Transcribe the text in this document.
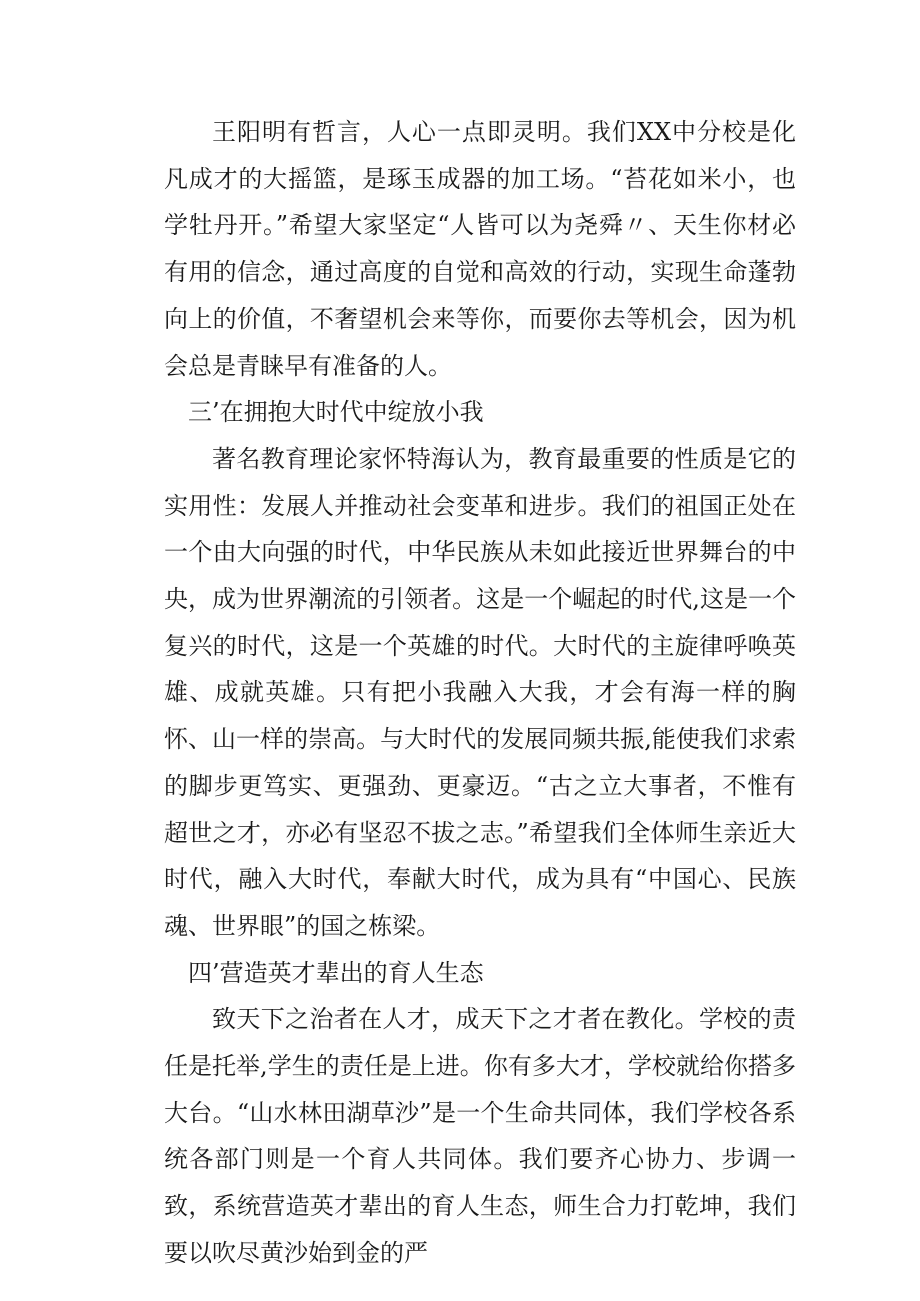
王阳明有哲言，人心一点即灵明。我们XX中分校是化凡成才的大摇篮，是琢玉成器的加工场。“苔花如米小，也学牡丹开。”希望大家坚定“人皆可以为尧舜〃、天生你材必有用的信念，通过高度的自觉和高效的行动，实现生命蓬勃向上的价值，不奢望机会来等你，而要你去等机会，因为机会总是青睐早有准备的人。

三’在拥抱大时代中绽放小我

著名教育理论家怀特海认为，教育最重要的性质是它的实用性：发展人并推动社会变革和进步。我们的祖国正处在一个由大向强的时代，中华民族从未如此接近世界舞台的中央，成为世界潮流的引领者。这是一个崛起的时代,这是一个复兴的时代，这是一个英雄的时代。大时代的主旋律呼唤英雄、成就英雄。只有把小我融入大我，才会有海一样的胸怀、山一样的崇高。与大时代的发展同频共振,能使我们求索的脚步更笃实、更强劲、更豪迈。“古之立大事者，不惟有超世之才，亦必有坚忍不拔之志。”希望我们全体师生亲近大时代，融入大时代，奉献大时代，成为具有“中国心、民族魂、世界眼”的国之栋梁。

四’营造英才辈出的育人生态

致天下之治者在人才，成天下之才者在教化。学校的责任是托举,学生的责任是上进。你有多大才，学校就给你搭多大台。“山水林田湖草沙”是一个生命共同体，我们学校各系统各部门则是一个育人共同体。我们要齐心协力、步调一致，系统营造英才辈出的育人生态，师生合力打乾坤，我们要以吹尽黄沙始到金的严
